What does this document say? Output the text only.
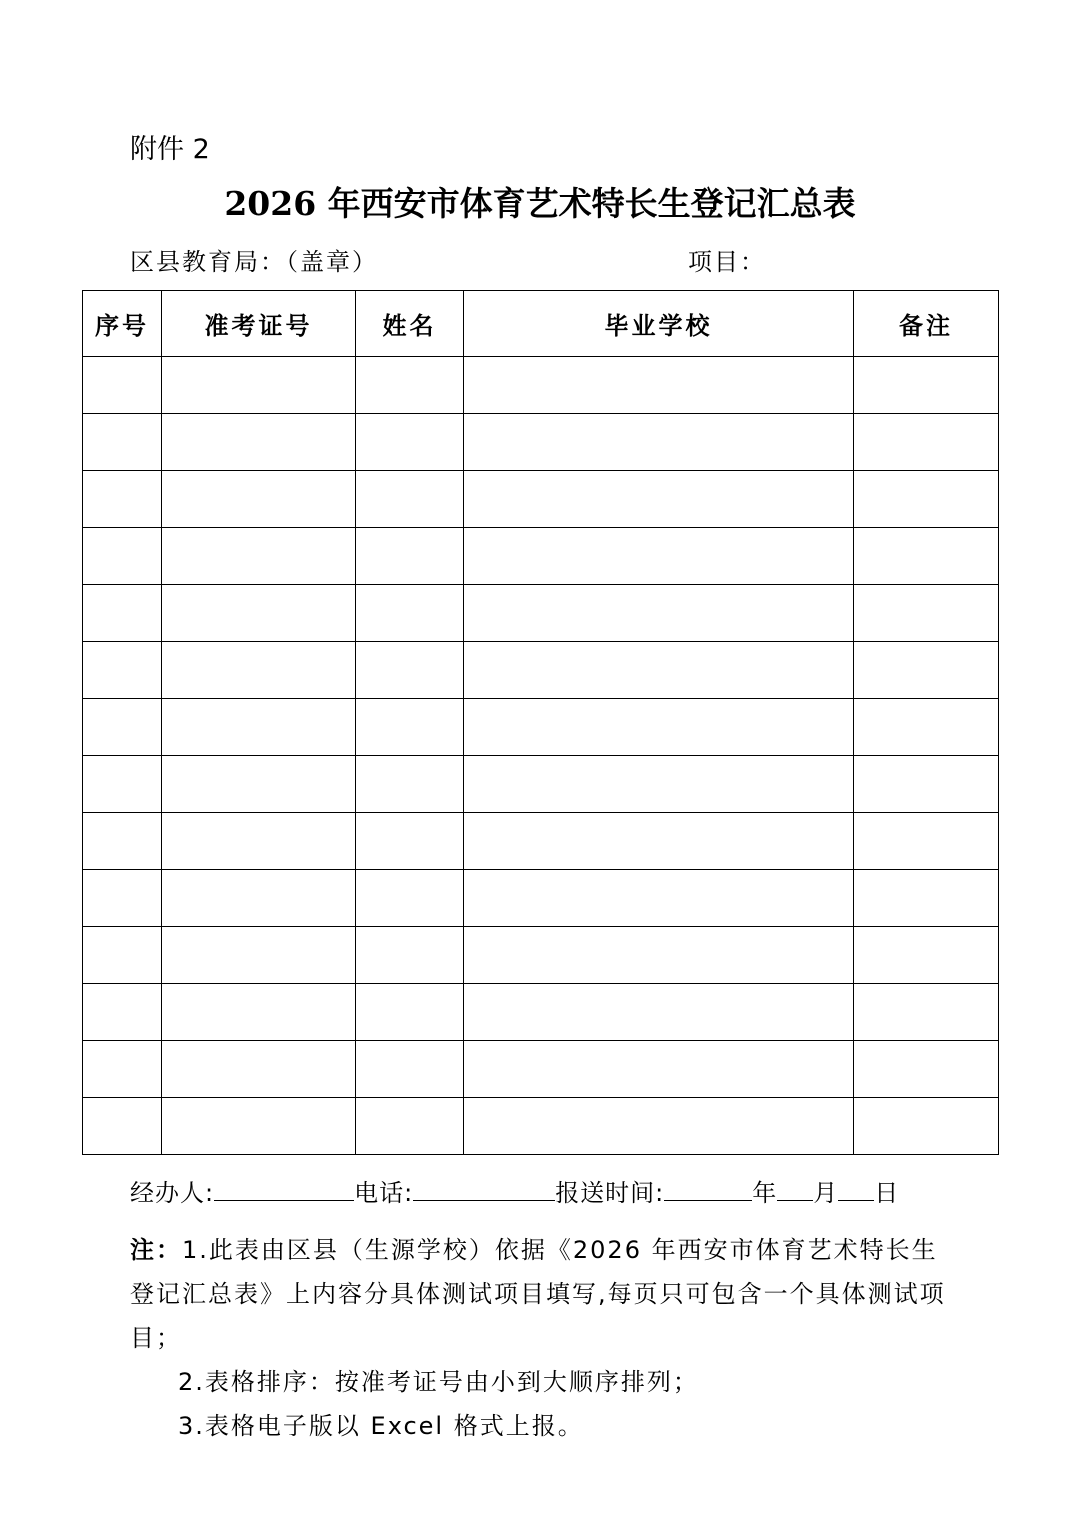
附件 2
2026 年西安市体育艺术特长生登记汇总表
区县教育局：（盖章）	项目：
序号	准考证号	姓名	毕业学校	备注

经办人:	电话:	报送时间:	年 月 日
注：1.此表由区县（生源学校）依据《2026 年西安市体育艺术特长生登记汇总表》上内容分具体测试项目填写,每页只可包含一个具体测试项目；
2.表格排序：按准考证号由小到大顺序排列；
3.表格电子版以 Excel 格式上报。
